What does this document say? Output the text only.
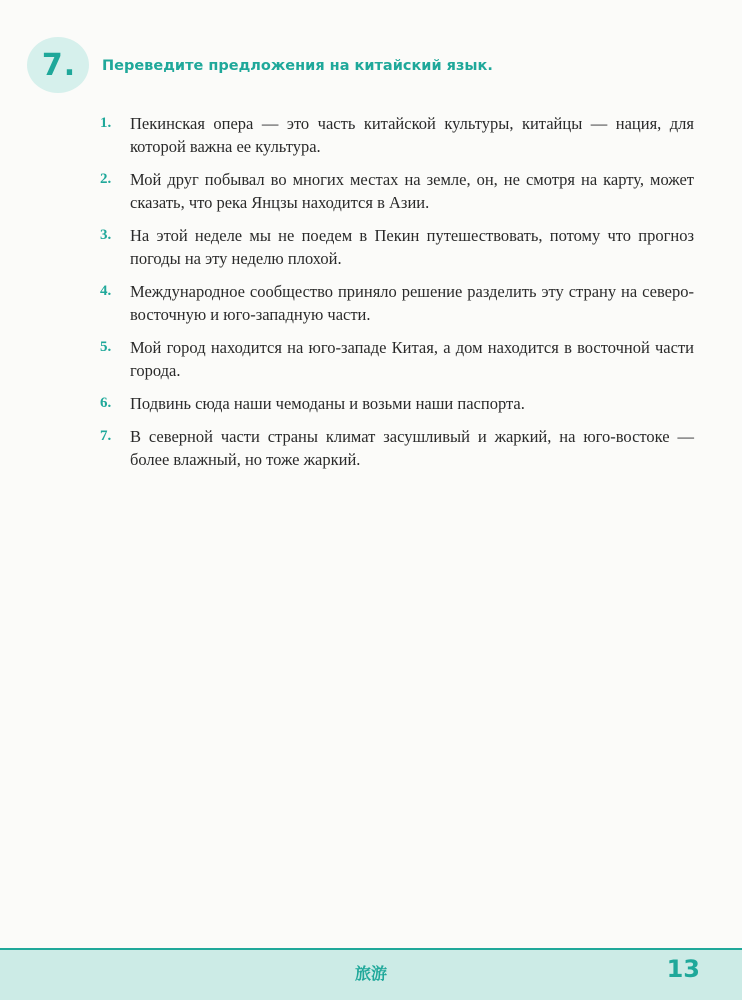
7. Переведите предложения на китайский язык.
1.	Пекинская опера — это часть китайской культуры, китайцы — нация, для которой важна ее культура.
2.	Мой друг побывал во многих местах на земле, он, не смотря на карту, может сказать, что река Янцзы находится в Азии.
3.	На этой неделе мы не поедем в Пекин путешествовать, потому что прогноз погоды на эту неделю плохой.
4.	Международное сообщество приняло решение разделить эту страну на северо-восточную и юго-западную части.
5.	Мой город находится на юго-западе Китая, а дом находится в восточной части города.
6.	Подвинь сюда наши чемоданы и возьми наши паспорта.
7.	В северной части страны климат засушливый и жаркий, на юго-востоке — более влажный, но тоже жаркий.
旅游	13
